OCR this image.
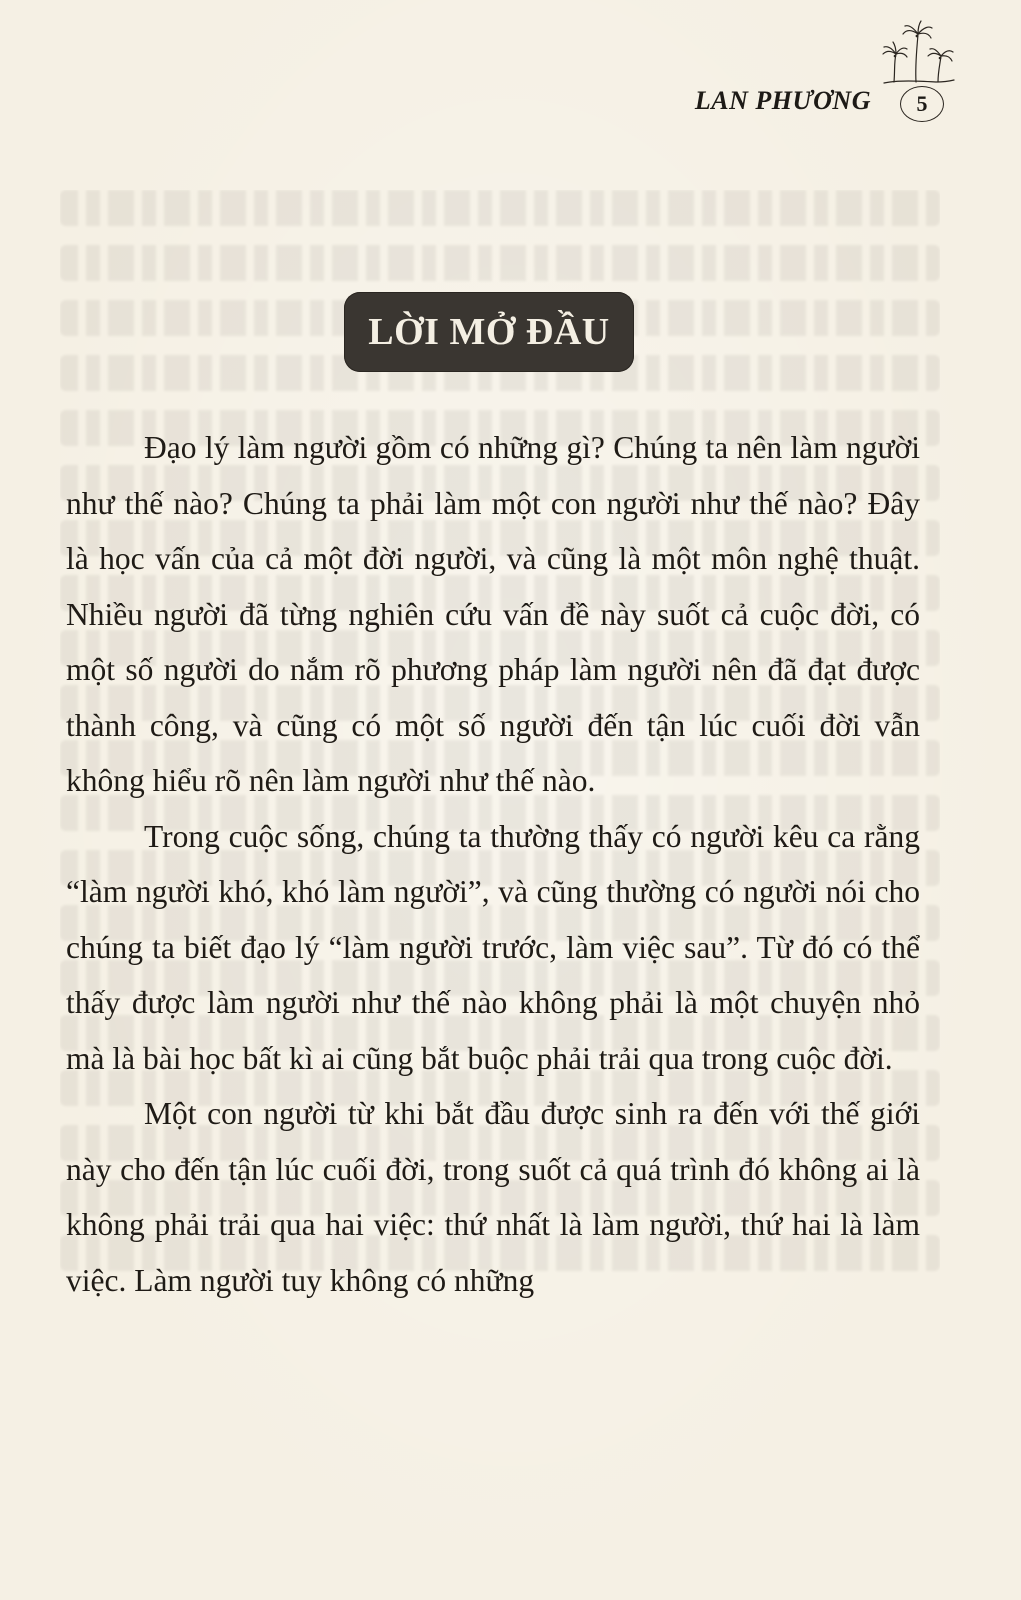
LAN PHƯƠNG	5
LỜI MỞ ĐẦU

Đạo lý làm người gồm có những gì? Chúng ta nên làm người như thế nào? Chúng ta phải làm một con người như thế nào? Đây là học vấn của cả một đời người, và cũng là một môn nghệ thuật. Nhiều người đã từng nghiên cứu vấn đề này suốt cả cuộc đời, có một số người do nắm rõ phương pháp làm người nên đã đạt được thành công, và cũng có một số người đến tận lúc cuối đời vẫn không hiểu rõ nên làm người như thế nào.

Trong cuộc sống, chúng ta thường thấy có người kêu ca rằng “làm người khó, khó làm người”, và cũng thường có người nói cho chúng ta biết đạo lý “làm người trước, làm việc sau”. Từ đó có thể thấy được làm người như thế nào không phải là một chuyện nhỏ mà là bài học bất kì ai cũng bắt buộc phải trải qua trong cuộc đời.

Một con người từ khi bắt đầu được sinh ra đến với thế giới này cho đến tận lúc cuối đời, trong suốt cả quá trình đó không ai là không phải trải qua hai việc: thứ nhất là làm người, thứ hai là làm việc. Làm người tuy không có những
